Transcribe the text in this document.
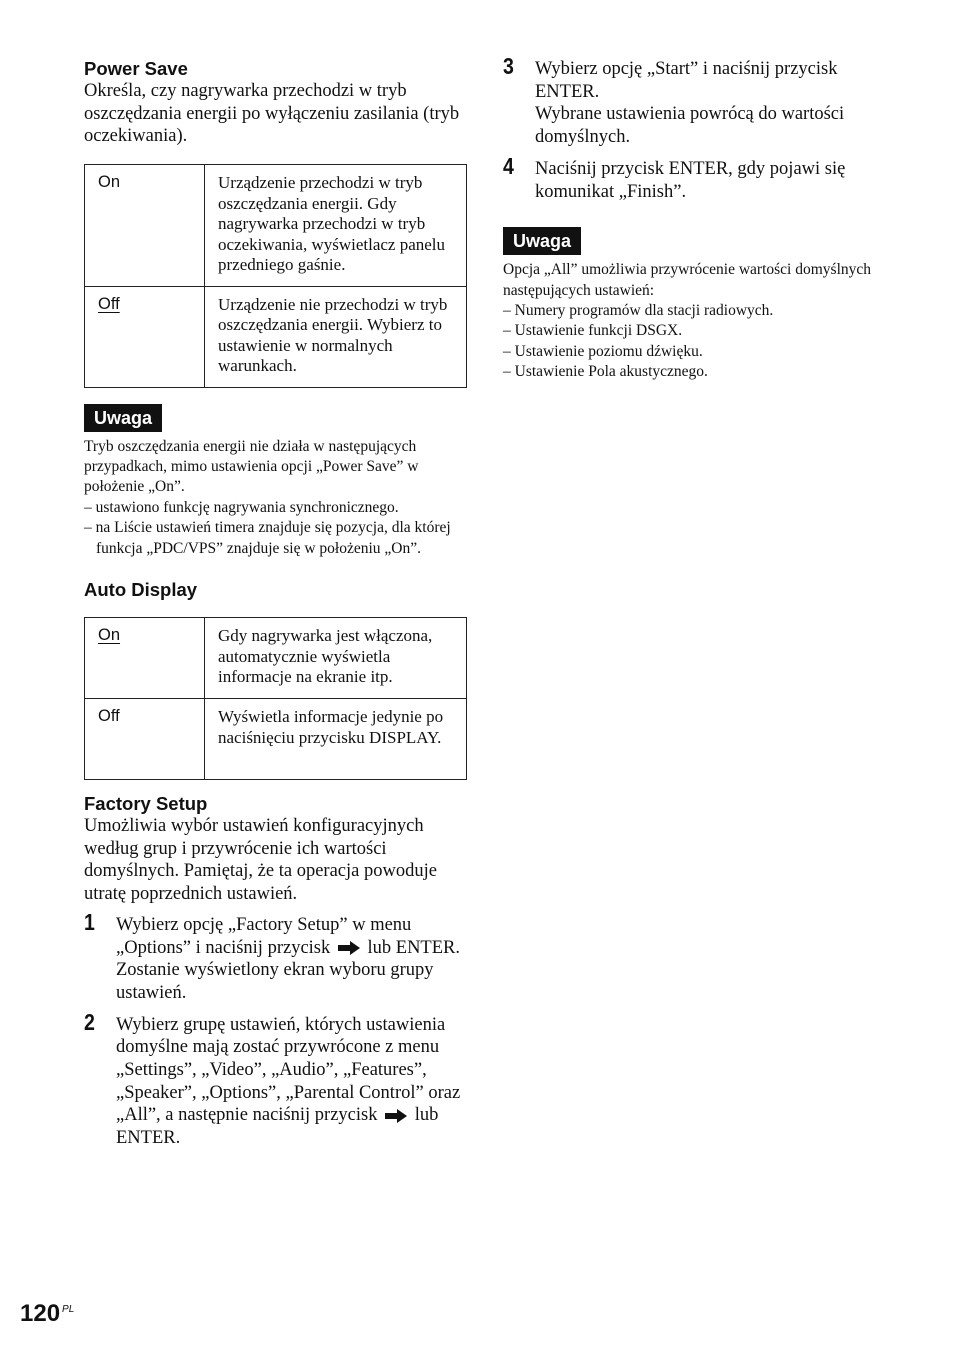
Power Save

Określa, czy nagrywarka przechodzi w tryb oszczędzania energii po wyłączeniu zasilania (tryb oczekiwania).

On	Urządzenie przechodzi w tryb oszczędzania energii. Gdy nagrywarka przechodzi w tryb oczekiwania, wyświetlacz panelu przedniego gaśnie.
Off	Urządzenie nie przechodzi w tryb oszczędzania energii. Wybierz to ustawienie w normalnych warunkach.
Uwaga
Tryb oszczędzania energii nie działa w następujących przypadkach, mimo ustawienia opcji „Power Save” w położenie „On”.
– ustawiono funkcję nagrywania synchronicznego.
– na Liście ustawień timera znajduje się pozycja, dla której funkcja „PDC/VPS” znajduje się w położeniu „On”.
Auto Display
On	Gdy nagrywarka jest włączona, automatycznie wyświetla informacje na ekranie itp.
Off	Wyświetla informacje jedynie po naciśnięciu przycisku DISPLAY.
Factory Setup

Umożliwia wybór ustawień konfiguracyjnych według grup i przywrócenie ich wartości domyślnych. Pamiętaj, że ta operacja powoduje utratę poprzednich ustawień.

1 Wybierz opcję „Factory Setup” w menu „Options” i naciśnij przycisk lub ENTER.
Zostanie wyświetlony ekran wyboru grupy ustawień.
2 Wybierz grupę ustawień, których ustawienia domyślne mają zostać przywrócone z menu „Settings”, „Video”, „Audio”, „Features”, „Speaker”, „Options”, „Parental Control” oraz „All”, a następnie naciśnij przycisk lub ENTER.
3 Wybierz opcję „Start” i naciśnij przycisk ENTER.
Wybrane ustawienia powrócą do wartości domyślnych.
4 Naciśnij przycisk ENTER, gdy pojawi się komunikat „Finish”.
Uwaga
Opcja „All” umożliwia przywrócenie wartości domyślnych następujących ustawień:
– Numery programów dla stacji radiowych.
– Ustawienie funkcji DSGX.
– Ustawienie poziomu dźwięku.
– Ustawienie Pola akustycznego.
120 $^{PL}$
